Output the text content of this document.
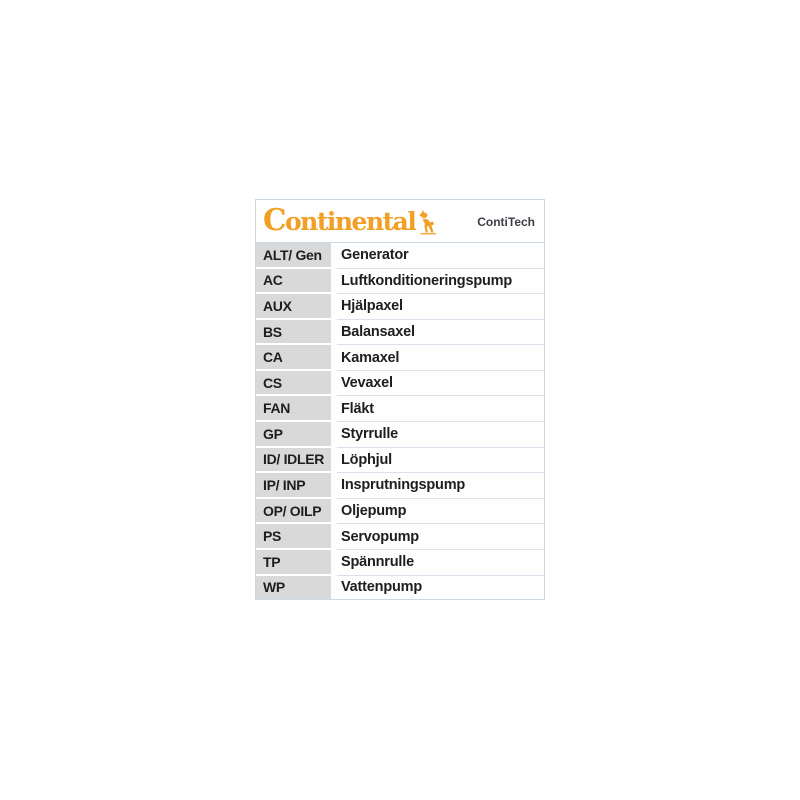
Continental	ContiTech
ALT/ Gen	Generator
AC	Luftkonditioneringspump
AUX	Hjälpaxel
BS	Balansaxel
CA	Kamaxel
CS	Vevaxel
FAN	Fläkt
GP	Styrrulle
ID/ IDLER	Löphjul
IP/ INP	Insprutningspump
OP/ OILP	Oljepump
PS	Servopump
TP	Spännrulle
WP	Vattenpump
